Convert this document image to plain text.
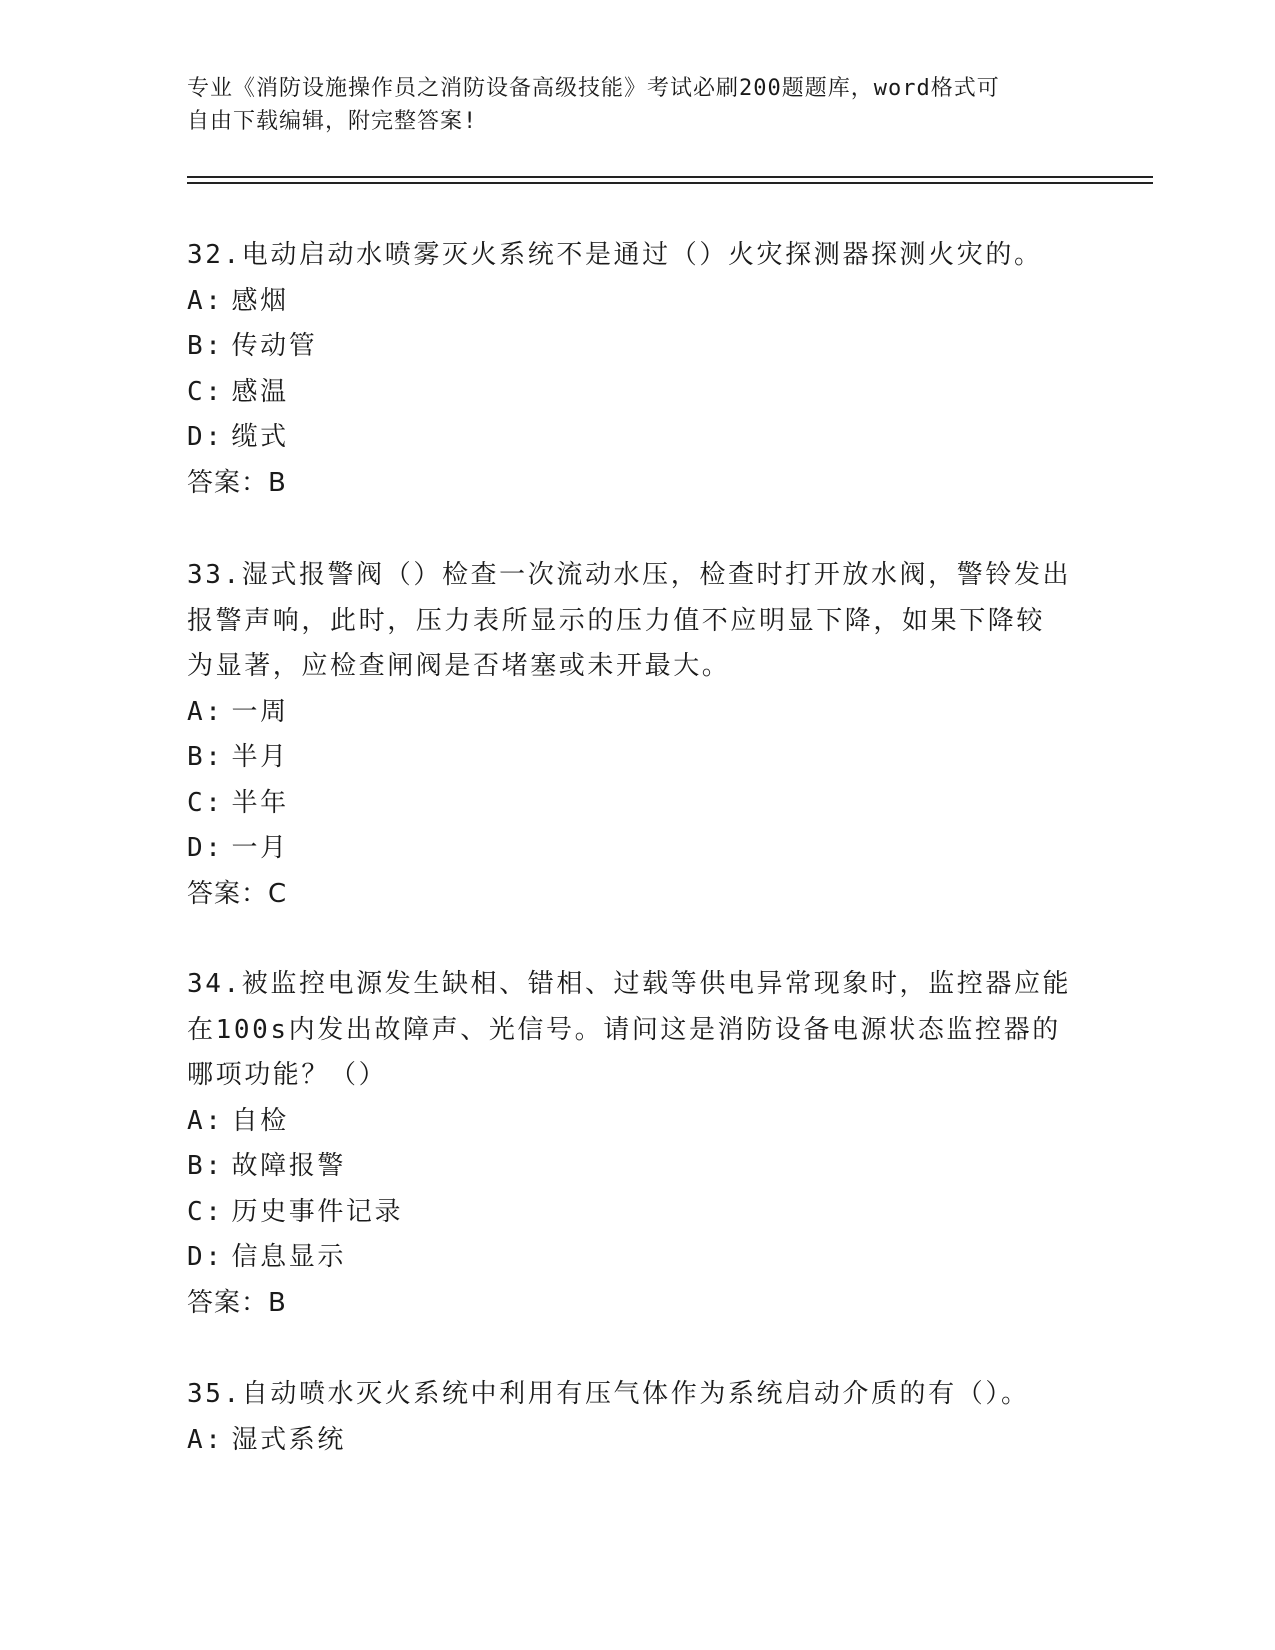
专业《消防设施操作员之消防设备高级技能》考试必刷200题题库，word格式可
自由下载编辑，附完整答案!
32.电动启动水喷雾灭火系统不是通过（）火灾探测器探测火灾的。
A: 感烟
B: 传动管
C: 感温
D: 缆式
答案：B
33.湿式报警阀（）检查一次流动水压，检查时打开放水阀，警铃发出
报警声响，此时，压力表所显示的压力值不应明显下降，如果下降较
为显著，应检查闸阀是否堵塞或未开最大。
A: 一周
B: 半月
C: 半年
D: 一月
答案：C
34.被监控电源发生缺相、错相、过载等供电异常现象时，监控器应能
在100s内发出故障声、光信号。请问这是消防设备电源状态监控器的
哪项功能？（）
A: 自检
B: 故障报警
C: 历史事件记录
D: 信息显示
答案：B
35.自动喷水灭火系统中利用有压气体作为系统启动介质的有（）。
A: 湿式系统
